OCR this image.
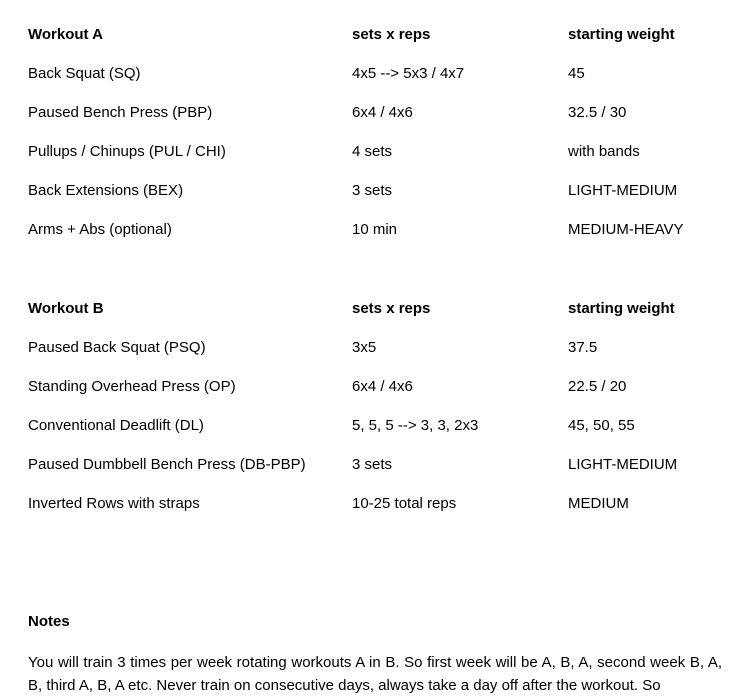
Workout A	sets x reps	starting weight
Back Squat (SQ)	4x5 --> 5x3 / 4x7	45
Paused Bench Press (PBP)	6x4 / 4x6	32.5 / 30
Pullups / Chinups (PUL / CHI)	4 sets	with bands
Back Extensions (BEX)	3 sets	LIGHT-MEDIUM
Arms + Abs (optional)	10 min	MEDIUM-HEAVY
Workout B	sets x reps	starting weight
Paused Back Squat (PSQ)	3x5	37.5
Standing Overhead Press (OP)	6x4 / 4x6	22.5 / 20
Conventional Deadlift (DL)	5, 5, 5 --> 3, 3, 2x3	45, 50, 55
Paused Dumbbell Bench Press (DB-PBP)	3 sets	LIGHT-MEDIUM
Inverted Rows with straps	10-25 total reps	MEDIUM
Notes
You will train 3 times per week rotating workouts A in B. So first week will be A, B, A, second week B, A, B, third A, B, A etc. Never train on consecutive days, always take a day off after the workout. So
